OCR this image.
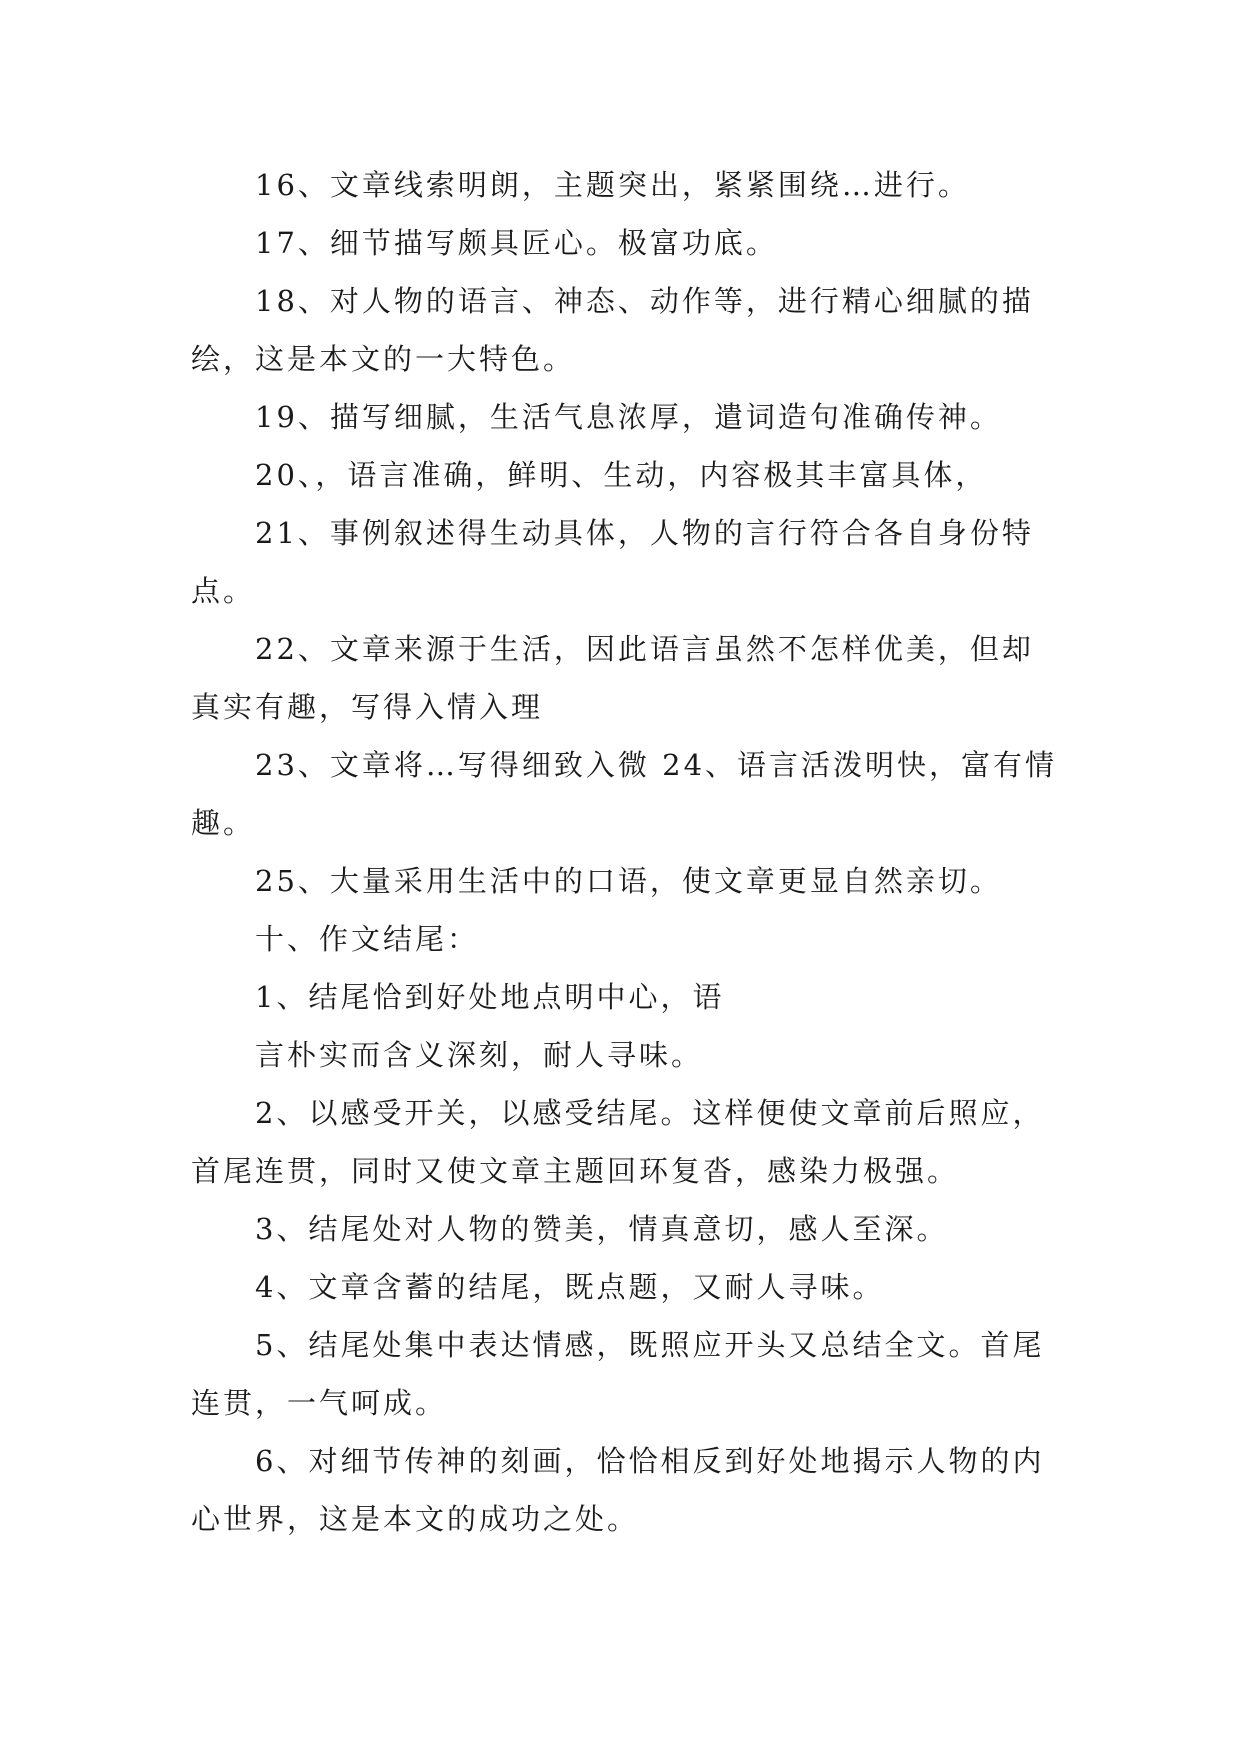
16、文章线索明朗，主题突出，紧紧围绕…进行。

17、细节描写颇具匠心。极富功底。

18、对人物的语言、神态、动作等，进行精心细腻的描绘，这是本文的一大特色。

19、描写细腻，生活气息浓厚，遣词造句准确传神。

20、，语言准确，鲜明、生动，内容极其丰富具体，

21、事例叙述得生动具体，人物的言行符合各自身份特点。

22、文章来源于生活，因此语言虽然不怎样优美，但却真实有趣，写得入情入理

23、文章将…写得细致入微 24、语言活泼明快，富有情趣。

25、大量采用生活中的口语，使文章更显自然亲切。

十、作文结尾：

1、结尾恰到好处地点明中心，语

言朴实而含义深刻，耐人寻味。

2、以感受开关，以感受结尾。这样便使文章前后照应，首尾连贯，同时又使文章主题回环复沓，感染力极强。

3、结尾处对人物的赞美，情真意切，感人至深。

4、文章含蓄的结尾，既点题，又耐人寻味。

5、结尾处集中表达情感，既照应开头又总结全文。首尾连贯，一气呵成。

6、对细节传神的刻画，恰恰相反到好处地揭示人物的内心世界，这是本文的成功之处。
